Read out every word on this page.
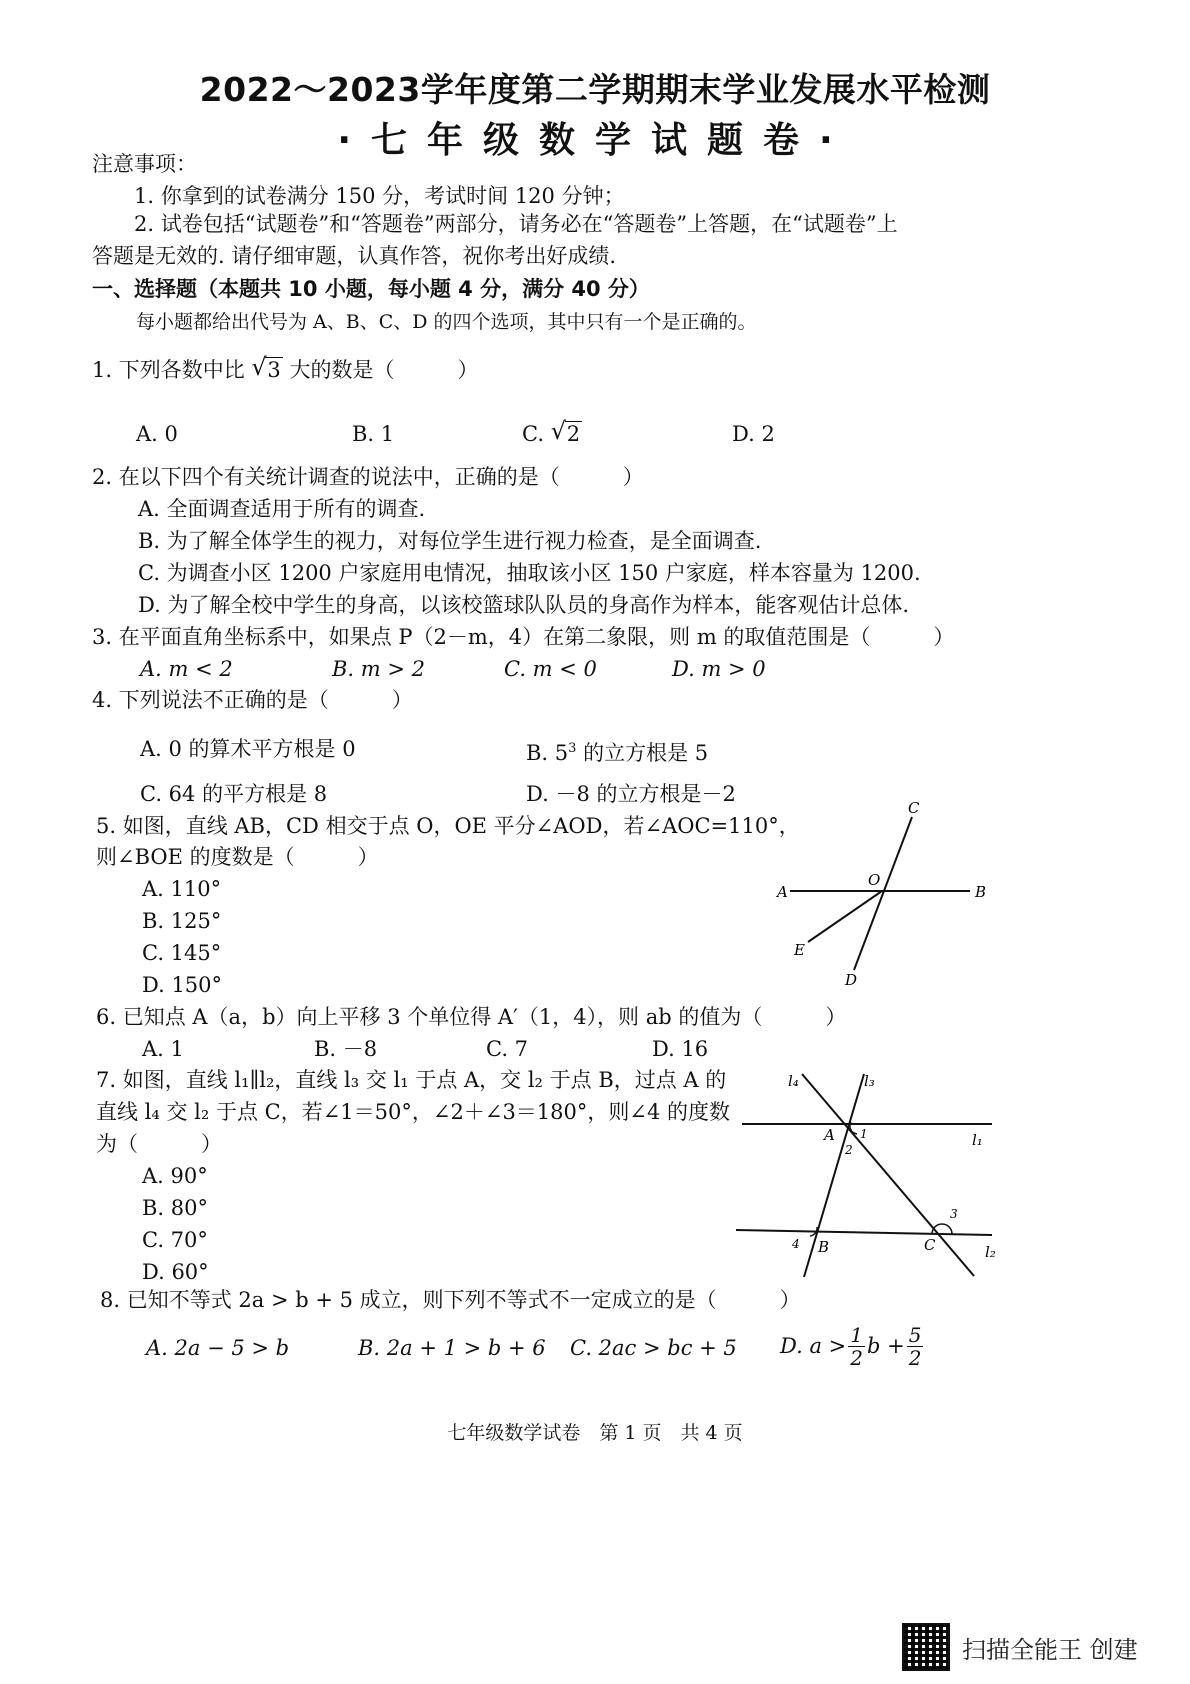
2022～2023学年度第二学期期末学业发展水平检测
·七年级数学试题卷·
注意事项：
1. 你拿到的试卷满分 150 分，考试时间 120 分钟；
2. 试卷包括“试题卷”和“答题卷”两部分，请务必在“答题卷”上答题，在“试题卷”上
答题是无效的. 请仔细审题，认真作答，祝你考出好成绩.
一、选择题（本题共 10 小题，每小题 4 分，满分 40 分）
每小题都给出代号为 A、B、C、D 的四个选项，其中只有一个是正确的。
1. 下列各数中比 √ 3 大的数是（　　　）
A. 0	B. 1	C. √ 2	D. 2
2. 在以下四个有关统计调查的说法中，正确的是（　　　）
A. 全面调查适用于所有的调查.
B. 为了解全体学生的视力，对每位学生进行视力检查，是全面调查.
C. 为调查小区 1200 户家庭用电情况，抽取该小区 150 户家庭，样本容量为 1200.
D. 为了解全校中学生的身高，以该校篮球队队员的身高作为样本，能客观估计总体.
3. 在平面直角坐标系中，如果点 P（2－m，4）在第二象限，则 m 的取值范围是（　　　）
A. m < 2	B. m > 2	C. m < 0	D. m > 0
4. 下列说法不正确的是（　　　）
A. 0 的算术平方根是 0	B. $5^3$ 的立方根是 5
C. 64 的平方根是 8	D. －8 的立方根是－2
5. 如图，直线 AB，CD 相交于点 O，OE 平分∠AOD，若∠AOC=110°，
则∠BOE 的度数是（　　　）
A. 110°
B. 125°
C. 145°
D. 150°
A	B
C
D
E
O
6. 已知点 A（a，b）向上平移 3 个单位得 A′（1，4），则 ab 的值为（　　　）
A. 1	B. －8	C. 7	D. 16
7. 如图，直线 l₁∥l₂，直线 l₃ 交 l₁ 于点 A，交 l₂ 于点 B，过点 A 的
直线 l₄ 交 l₂ 于点 C，若∠1＝50°，∠2＋∠3＝180°，则∠4 的度数
为（　　　）
A. 90°
B. 80°
C. 70°
D. 60°
l₄	l₃
l₁
l₂
A
B	C
1
2
3
4
8. 已知不等式 2a > b + 5 成立，则下列不等式不一定成立的是（　　　）
A. 2a − 5 > b	B. 2a + 1 > b + 6 C. 2ac > bc + 5 D. $a > \frac{1}{2}$ $b + \frac{5}{2}$
七年级数学试卷　第 1 页　共 4 页
扫描全能王 创建
